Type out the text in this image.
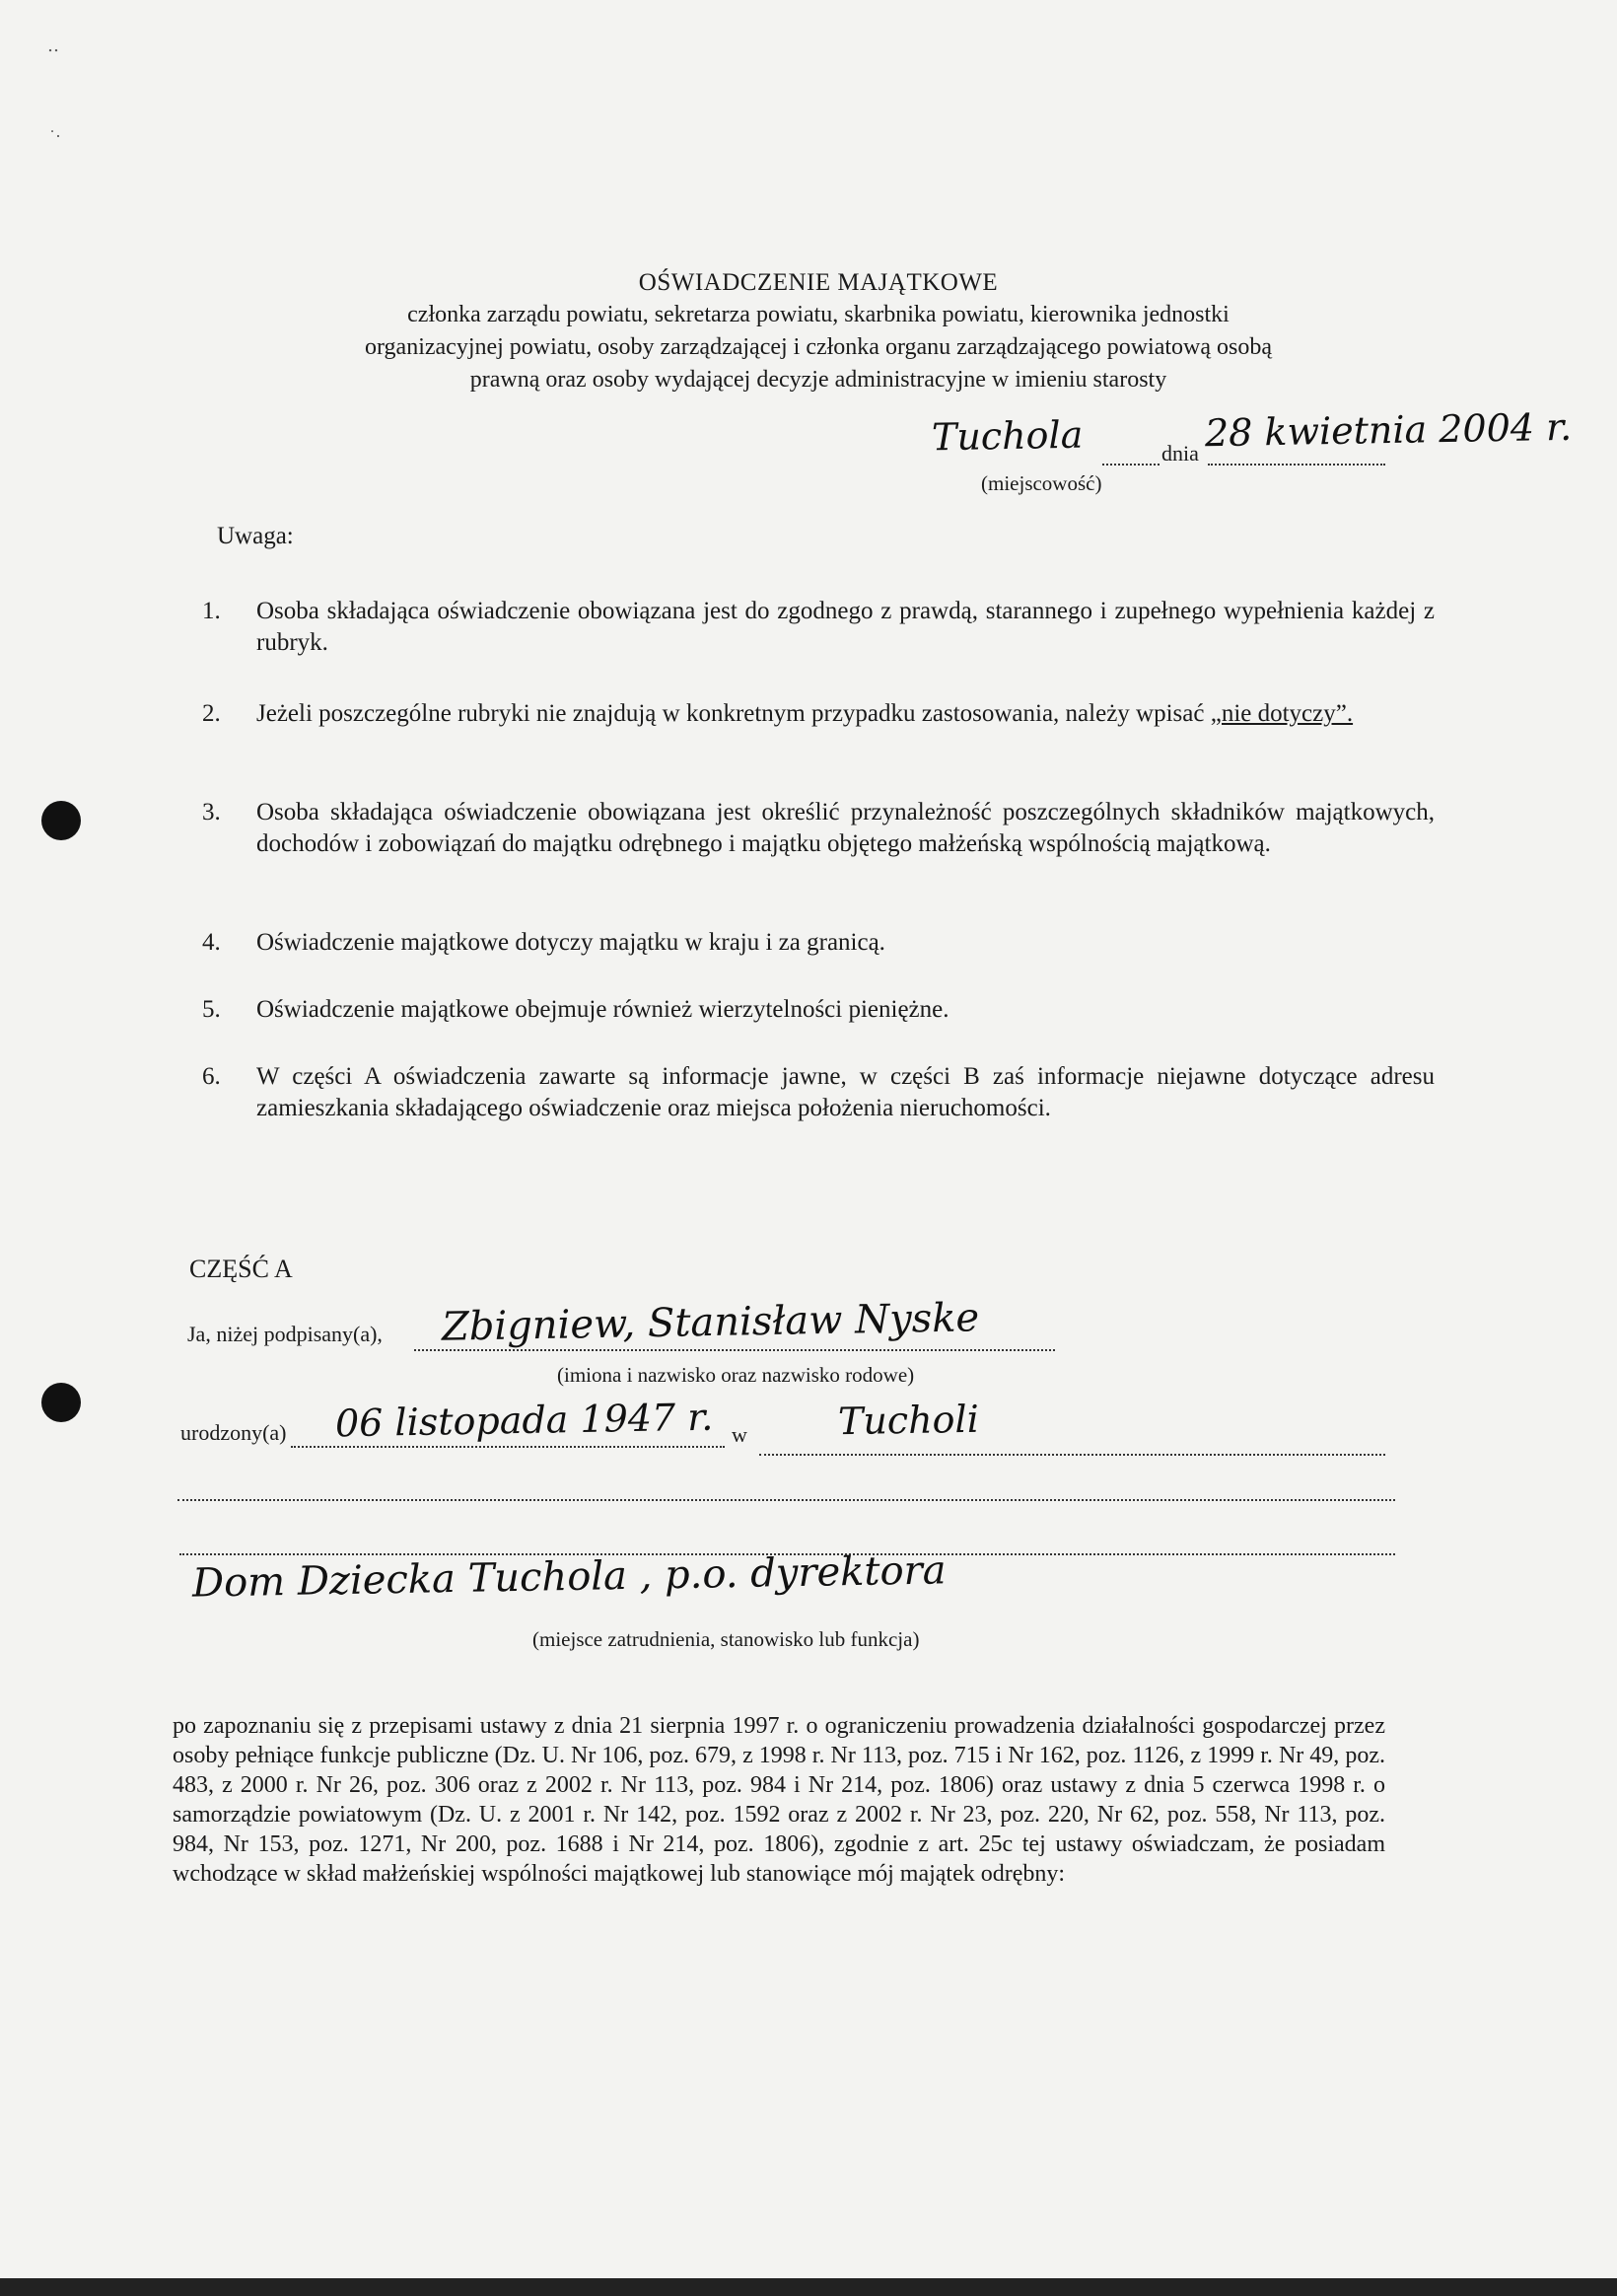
‥
˙·
OŚWIADCZENIE MAJĄTKOWE
członka zarządu powiatu, sekretarza powiatu, skarbnika powiatu, kierownika jednostki
organizacyjnej powiatu, osoby zarządzającej i członka organu zarządzającego powiatową osobą
prawną oraz osoby wydającej decyzje administracyjne w imieniu starosty
Tuchola	dnia 28 kwietnia 2004 r.
(miejscowość)
Uwaga:
1.	Osoba składająca oświadczenie obowiązana jest do zgodnego z prawdą, starannego i zupełnego wypełnienia każdej z rubryk.
2.	Jeżeli poszczególne rubryki nie znajdują w konkretnym przypadku zastosowania, należy wpisać „nie dotyczy”.
3.	Osoba składająca oświadczenie obowiązana jest określić przynależność poszczególnych składników majątkowych, dochodów i zobowiązań do majątku odrębnego i majątku objętego małżeńską wspólnością majątkową.
4.	Oświadczenie majątkowe dotyczy majątku w kraju i za granicą.
5.	Oświadczenie majątkowe obejmuje również wierzytelności pieniężne.
6.	W części A oświadczenia zawarte są informacje jawne, w części B zaś informacje niejawne dotyczące adresu zamieszkania składającego oświadczenie oraz miejsca położenia nieruchomości.
CZĘŚĆ A
Ja, niżej podpisany(a), Zbigniew, Stanisław Nyske
(imiona i nazwisko oraz nazwisko rodowe)
urodzony(a) 06 listopada 1947 r. w Tucholi
Dom Dziecka Tuchola , p.o. dyrektora
(miejsce zatrudnienia, stanowisko lub funkcja)
po zapoznaniu się z przepisami ustawy z dnia 21 sierpnia 1997 r. o ograniczeniu prowadzenia działalności gospodarczej przez osoby pełniące funkcje publiczne (Dz. U. Nr 106, poz. 679, z 1998 r. Nr 113, poz. 715 i Nr 162, poz. 1126, z 1999 r. Nr 49, poz. 483, z 2000 r. Nr 26, poz. 306 oraz z 2002 r. Nr 113, poz. 984 i Nr 214, poz. 1806) oraz ustawy z dnia 5 czerwca 1998 r. o samorządzie powiatowym (Dz. U. z 2001 r. Nr 142, poz. 1592 oraz z 2002 r. Nr 23, poz. 220, Nr 62, poz. 558, Nr 113, poz. 984, Nr 153, poz. 1271, Nr 200, poz. 1688 i Nr 214, poz. 1806), zgodnie z art. 25c tej ustawy oświadczam, że posiadam wchodzące w skład małżeńskiej wspólności majątkowej lub stanowiące mój majątek odrębny:
